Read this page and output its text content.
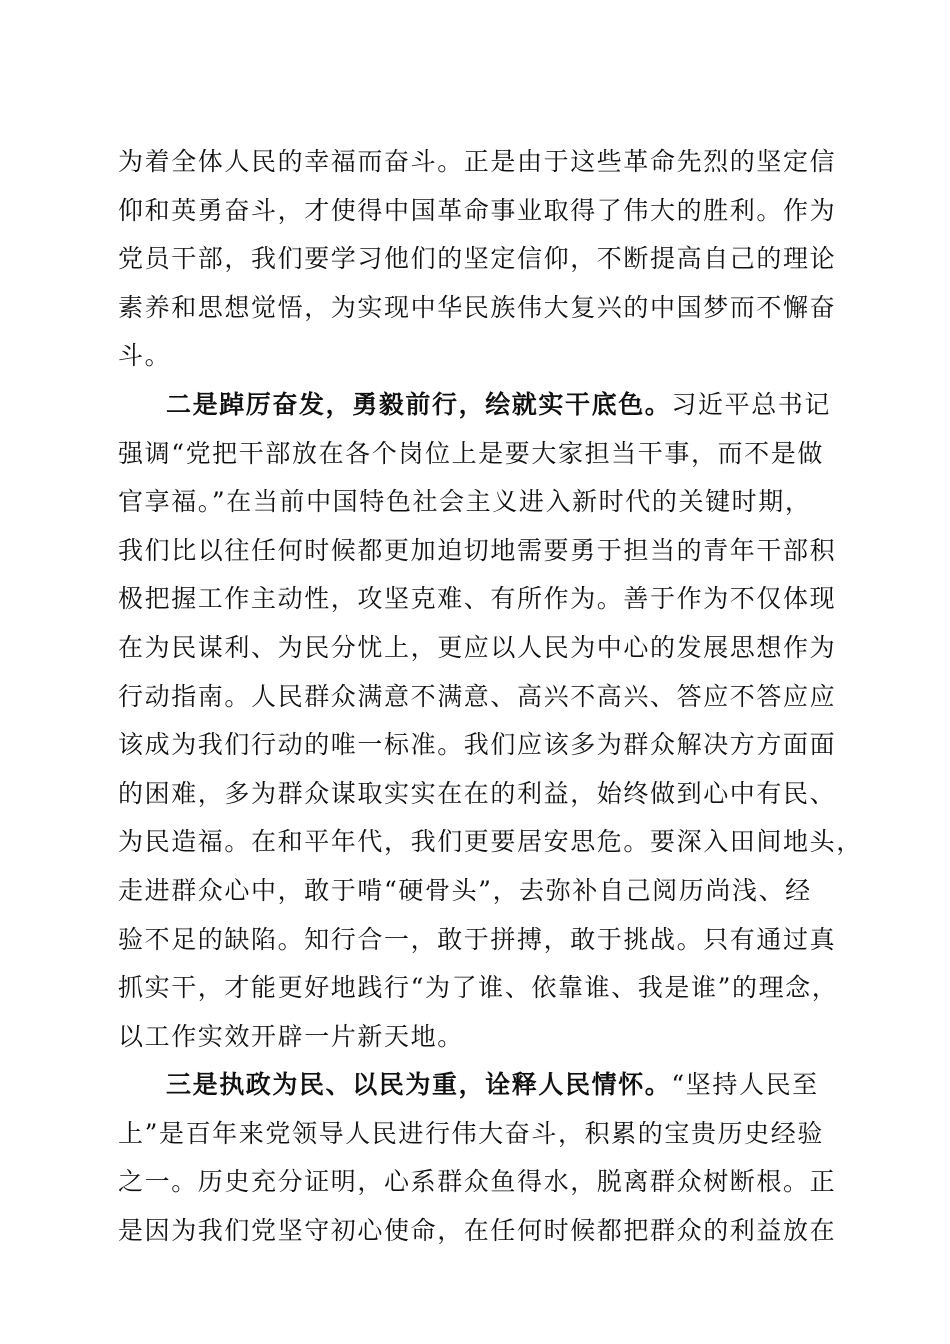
为着全体人民的幸福而奋斗。正是由于这些革命先烈的坚定信
仰和英勇奋斗，才使得中国革命事业取得了伟大的胜利。作为
党员干部，我们要学习他们的坚定信仰，不断提高自己的理论
素养和思想觉悟，为实现中华民族伟大复兴的中国梦而不懈奋
斗。
二是踔厉奋发，勇毅前行，绘就实干底色。习近平总书记
强调“党把干部放在各个岗位上是要大家担当干事，而不是做
官享福。”在当前中国特色社会主义进入新时代的关键时期，
我们比以往任何时候都更加迫切地需要勇于担当的青年干部积
极把握工作主动性，攻坚克难、有所作为。善于作为不仅体现
在为民谋利、为民分忧上，更应以人民为中心的发展思想作为
行动指南。人民群众满意不满意、高兴不高兴、答应不答应应
该成为我们行动的唯一标准。我们应该多为群众解决方方面面
的困难，多为群众谋取实实在在的利益，始终做到心中有民、
为民造福。在和平年代，我们更要居安思危。要深入田间地头，
走进群众心中，敢于啃“硬骨头”，去弥补自己阅历尚浅、经
验不足的缺陷。知行合一，敢于拼搏，敢于挑战。只有通过真
抓实干，才能更好地践行“为了谁、依靠谁、我是谁”的理念，
以工作实效开辟一片新天地。
三是执政为民、以民为重，诠释人民情怀。“坚持人民至
上”是百年来党领导人民进行伟大奋斗，积累的宝贵历史经验
之一。历史充分证明，心系群众鱼得水，脱离群众树断根。正
是因为我们党坚守初心使命，在任何时候都把群众的利益放在
